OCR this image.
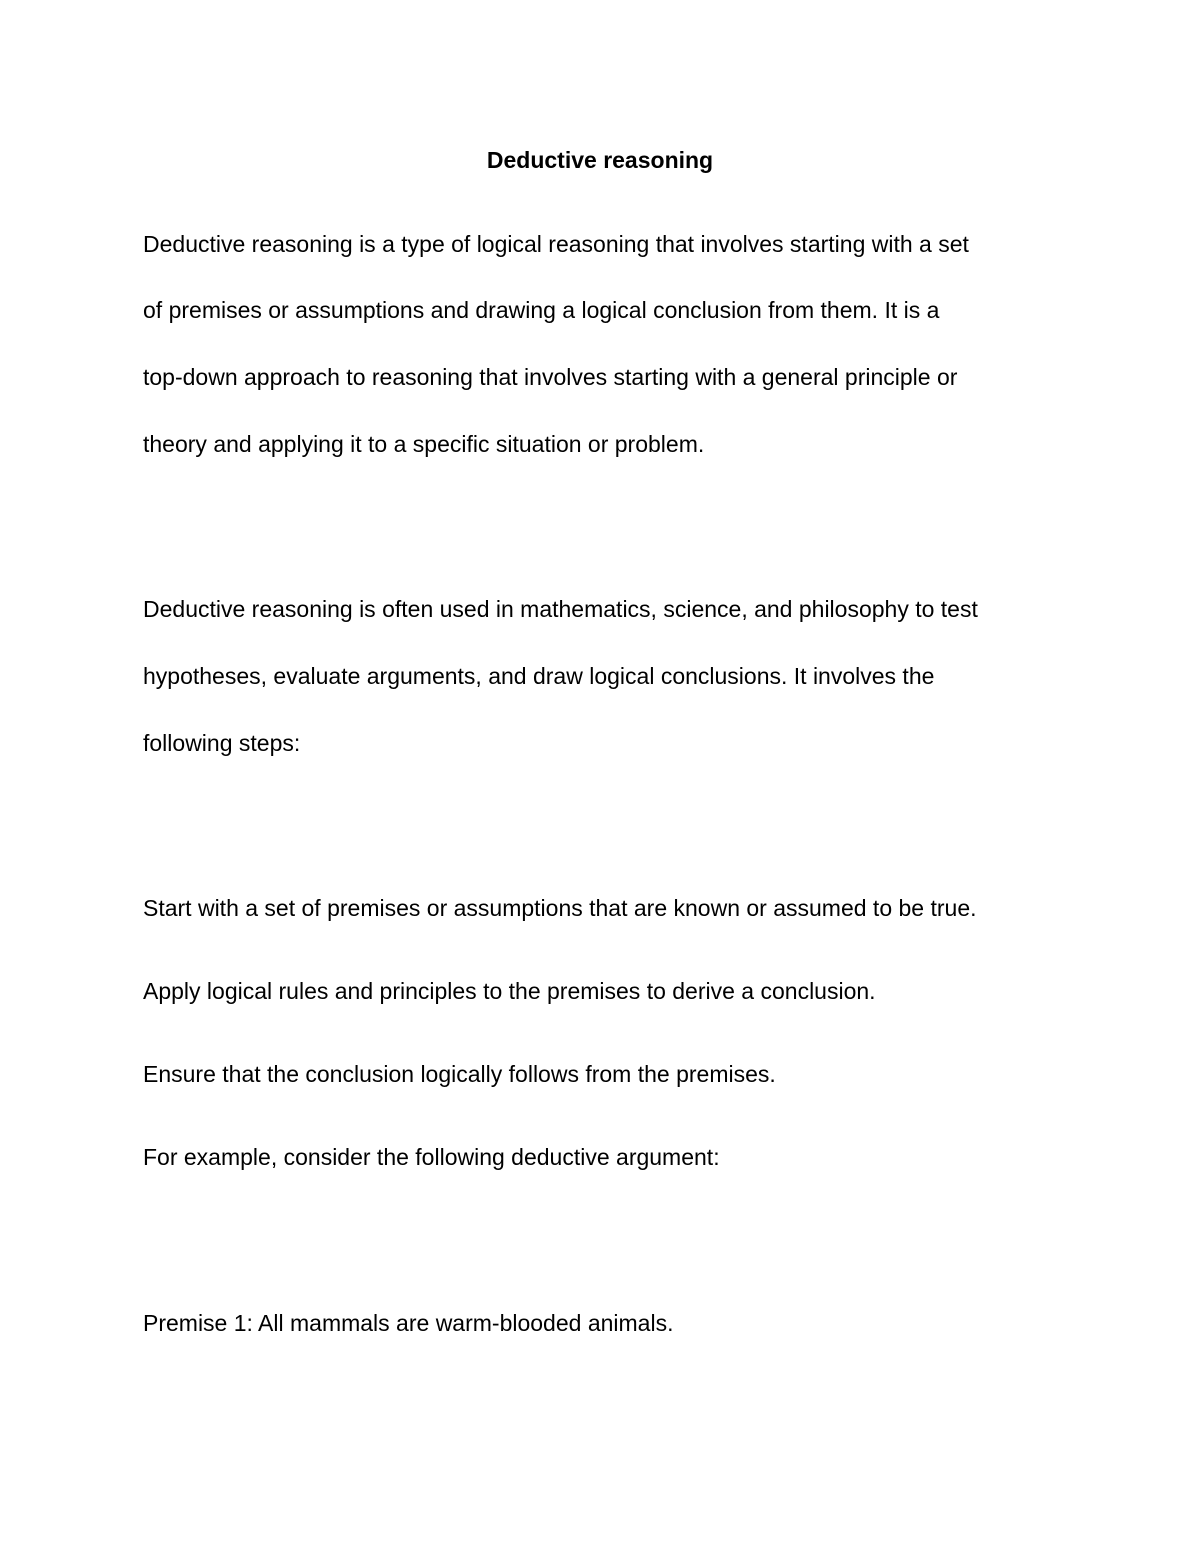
Deductive reasoning
Deductive reasoning is a type of logical reasoning that involves starting with a set
of premises or assumptions and drawing a logical conclusion from them. It is a
top-down approach to reasoning that involves starting with a general principle or
theory and applying it to a specific situation or problem.
Deductive reasoning is often used in mathematics, science, and philosophy to test
hypotheses, evaluate arguments, and draw logical conclusions. It involves the
following steps:
Start with a set of premises or assumptions that are known or assumed to be true.
Apply logical rules and principles to the premises to derive a conclusion.
Ensure that the conclusion logically follows from the premises.
For example, consider the following deductive argument:
Premise 1: All mammals are warm-blooded animals.
